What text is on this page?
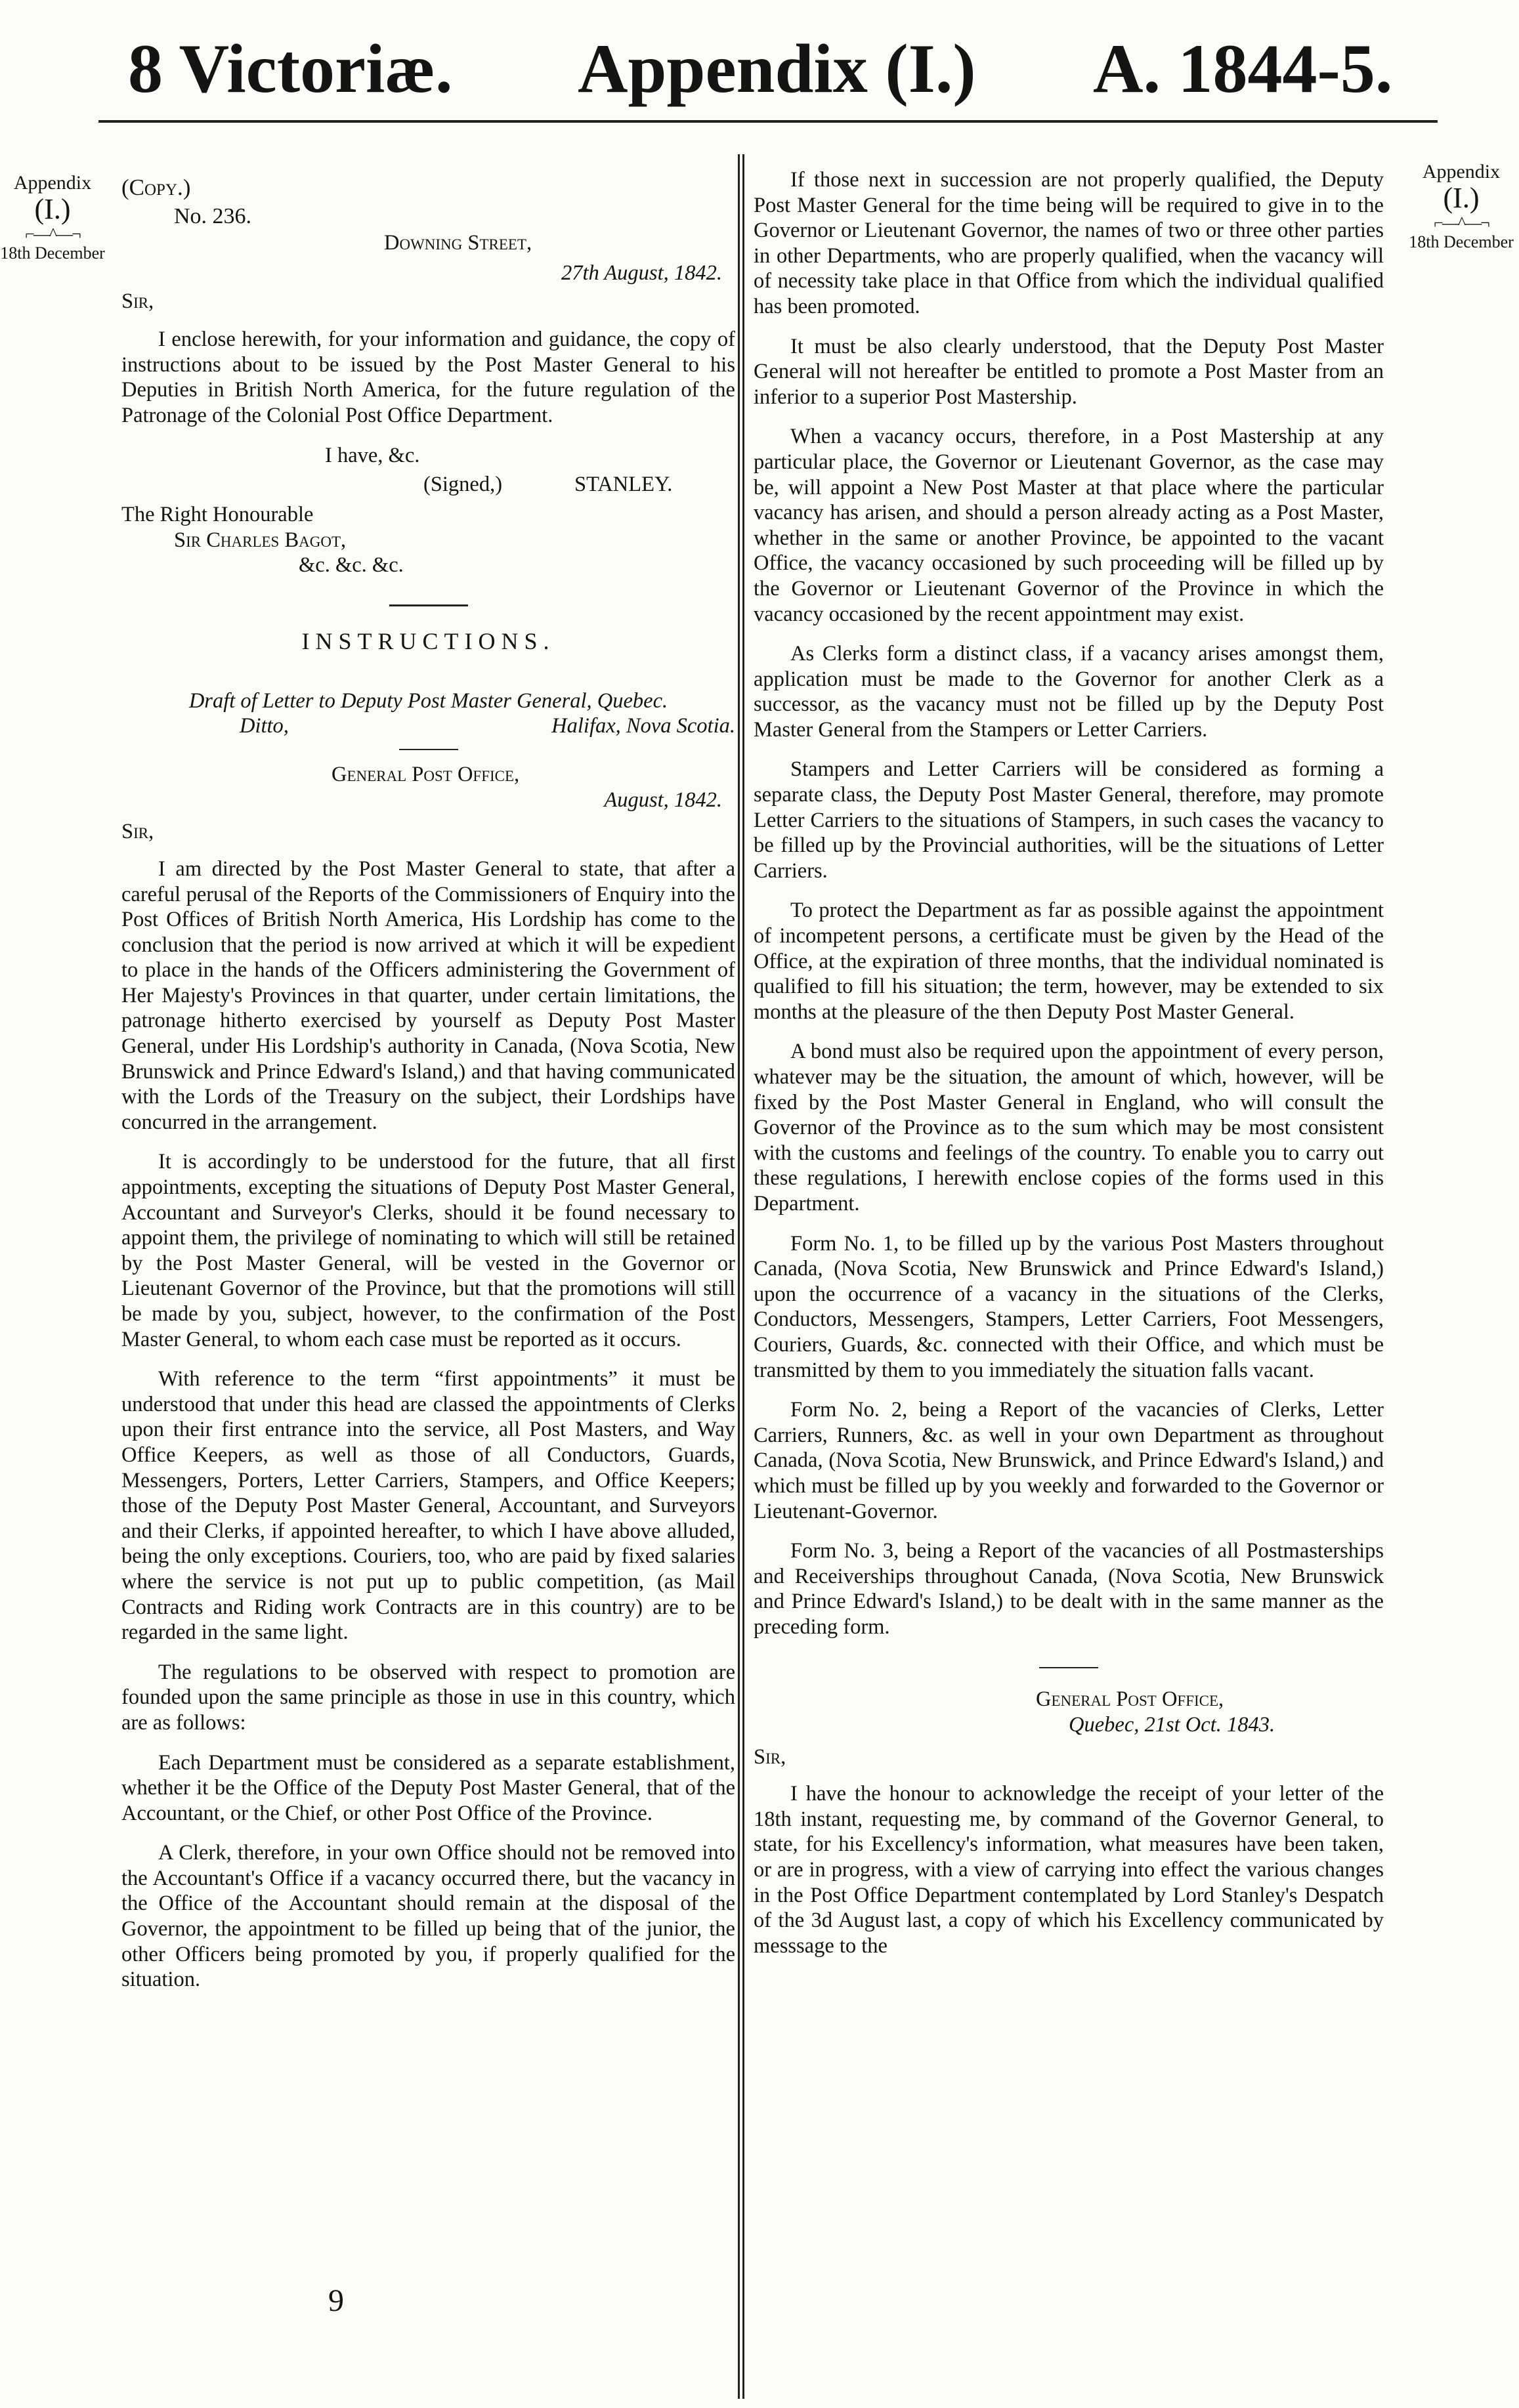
8 Victoriæ. Appendix (I.) A. 1844-5.
Appendix
(I.)
⌐—^—¬
18th December
Appendix
(I.)
⌐—^—¬
18th December
(Copy.)
No. 236.
Downing Street,
27th August, 1842.
Sir,

I enclose herewith, for your information and guidance, the copy of instructions about to be issued by the Post Master General to his Deputies in British North America, for the future regulation of the Patronage of the Colonial Post Office Department.

I have, &c.
(Signed,)	STANLEY.
The Right Honourable
Sir Charles Bagot,
&c. &c. &c.
INSTRUCTIONS.
Draft of Letter to Deputy Post Master General, Quebec.
Ditto,	Halifax, Nova Scotia.
General Post Office,
August, 1842.
Sir,

I am directed by the Post Master General to state, that after a careful perusal of the Reports of the Commissioners of Enquiry into the Post Offices of British North America, His Lordship has come to the conclusion that the period is now arrived at which it will be expedient to place in the hands of the Officers administering the Government of Her Majesty's Provinces in that quarter, under certain limitations, the patronage hitherto exercised by yourself as Deputy Post Master General, under His Lordship's authority in Canada, (Nova Scotia, New Brunswick and Prince Edward's Island,) and that having communicated with the Lords of the Treasury on the subject, their Lordships have concurred in the arrangement.

It is accordingly to be understood for the future, that all first appointments, excepting the situations of Deputy Post Master General, Accountant and Surveyor's Clerks, should it be found necessary to appoint them, the privilege of nominating to which will still be retained by the Post Master General, will be vested in the Governor or Lieutenant Governor of the Province, but that the promotions will still be made by you, subject, however, to the confirmation of the Post Master General, to whom each case must be reported as it occurs.

With reference to the term “first appointments” it must be understood that under this head are classed the appointments of Clerks upon their first entrance into the service, all Post Masters, and Way Office Keepers, as well as those of all Conductors, Guards, Messengers, Porters, Letter Carriers, Stampers, and Office Keepers; those of the Deputy Post Master General, Accountant, and Surveyors and their Clerks, if appointed hereafter, to which I have above alluded, being the only exceptions. Couriers, too, who are paid by fixed salaries where the service is not put up to public competition, (as Mail Contracts and Riding work Contracts are in this country) are to be regarded in the same light.

The regulations to be observed with respect to promotion are founded upon the same principle as those in use in this country, which are as follows:

Each Department must be considered as a separate establishment, whether it be the Office of the Deputy Post Master General, that of the Accountant, or the Chief, or other Post Office of the Province.

A Clerk, therefore, in your own Office should not be removed into the Accountant's Office if a vacancy occurred there, but the vacancy in the Office of the Accountant should remain at the disposal of the Governor, the appointment to be filled up being that of the junior, the other Officers being promoted by you, if properly qualified for the situation.

If those next in succession are not properly qualified, the Deputy Post Master General for the time being will be required to give in to the Governor or Lieutenant Governor, the names of two or three other parties in other Departments, who are properly qualified, when the vacancy will of necessity take place in that Office from which the individual qualified has been promoted.

It must be also clearly understood, that the Deputy Post Master General will not hereafter be entitled to promote a Post Master from an inferior to a superior Post Mastership.

When a vacancy occurs, therefore, in a Post Mastership at any particular place, the Governor or Lieutenant Governor, as the case may be, will appoint a New Post Master at that place where the particular vacancy has arisen, and should a person already acting as a Post Master, whether in the same or another Province, be appointed to the vacant Office, the vacancy occasioned by such proceeding will be filled up by the Governor or Lieutenant Governor of the Province in which the vacancy occasioned by the recent appointment may exist.

As Clerks form a distinct class, if a vacancy arises amongst them, application must be made to the Governor for another Clerk as a successor, as the vacancy must not be filled up by the Deputy Post Master General from the Stampers or Letter Carriers.

Stampers and Letter Carriers will be considered as forming a separate class, the Deputy Post Master General, therefore, may promote Letter Carriers to the situations of Stampers, in such cases the vacancy to be filled up by the Provincial authorities, will be the situations of Letter Carriers.

To protect the Department as far as possible against the appointment of incompetent persons, a certificate must be given by the Head of the Office, at the expiration of three months, that the individual nominated is qualified to fill his situation; the term, however, may be extended to six months at the pleasure of the then Deputy Post Master General.

A bond must also be required upon the appointment of every person, whatever may be the situation, the amount of which, however, will be fixed by the Post Master General in England, who will consult the Governor of the Province as to the sum which may be most consistent with the customs and feelings of the country. To enable you to carry out these regulations, I herewith enclose copies of the forms used in this Department.

Form No. 1, to be filled up by the various Post Masters throughout Canada, (Nova Scotia, New Brunswick and Prince Edward's Island,) upon the occurrence of a vacancy in the situations of the Clerks, Conductors, Messengers, Stampers, Letter Carriers, Foot Messengers, Couriers, Guards, &c. connected with their Office, and which must be transmitted by them to you immediately the situation falls vacant.

Form No. 2, being a Report of the vacancies of Clerks, Letter Carriers, Runners, &c. as well in your own Department as throughout Canada, (Nova Scotia, New Brunswick, and Prince Edward's Island,) and which must be filled up by you weekly and forwarded to the Governor or Lieutenant-Governor.

Form No. 3, being a Report of the vacancies of all Postmasterships and Receiverships throughout Canada, (Nova Scotia, New Brunswick and Prince Edward's Island,) to be dealt with in the same manner as the preceding form.

General Post Office,
Quebec, 21st Oct. 1843.
Sir,

I have the honour to acknowledge the receipt of your letter of the 18th instant, requesting me, by command of the Governor General, to state, for his Excellency's information, what measures have been taken, or are in progress, with a view of carrying into effect the various changes in the Post Office Department contemplated by Lord Stanley's Despatch of the 3d August last, a copy of which his Excellency communicated by messsage to the

9
